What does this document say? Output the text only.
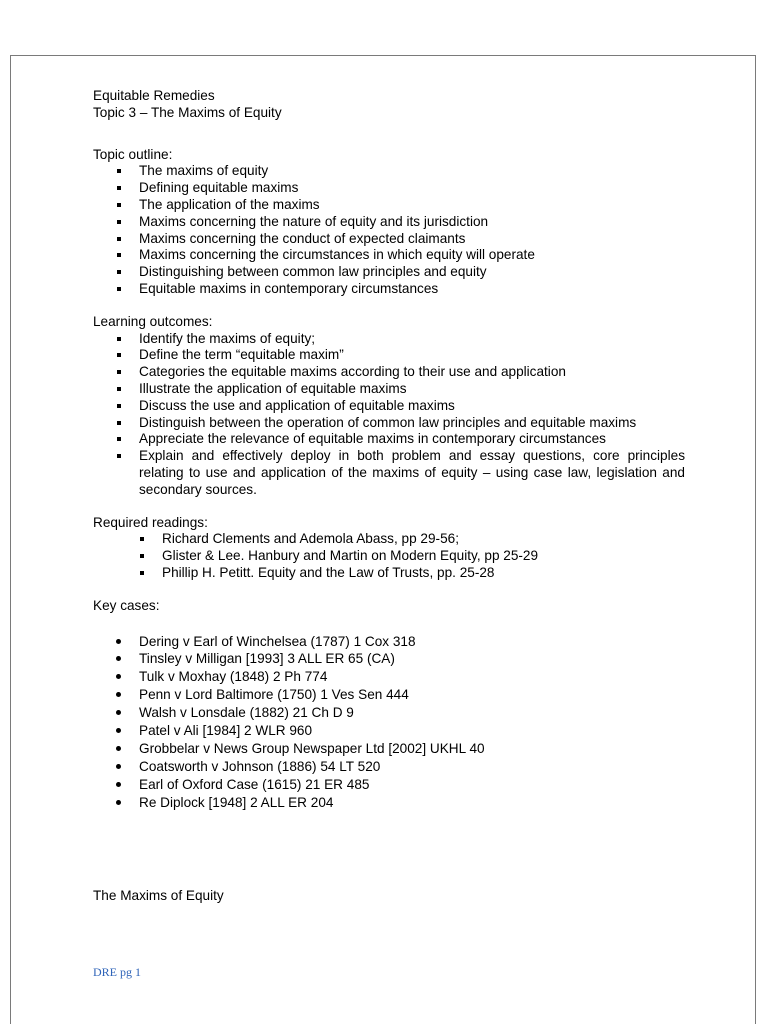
Equitable Remedies

Topic 3 – The Maxims of Equity

Topic outline:

The maxims of equity
Defining equitable maxims
The application of the maxims
Maxims concerning the nature of equity and its jurisdiction
Maxims concerning the conduct of expected claimants
Maxims concerning the circumstances in which equity will operate
Distinguishing between common law principles and equity
Equitable maxims in contemporary circumstances

Learning outcomes:

Identify the maxims of equity;
Define the term “equitable maxim”
Categories the equitable maxims according to their use and application
Illustrate the application of equitable maxims
Discuss the use and application of equitable maxims
Distinguish between the operation of common law principles and equitable maxims
Appreciate the relevance of equitable maxims in contemporary circumstances
Explain and effectively deploy in both problem and essay questions, core principles relating to use and application of the maxims of equity – using case law, legislation and secondary sources.

Required readings:

Richard Clements and Ademola Abass, pp 29-56;
Glister & Lee. Hanbury and Martin on Modern Equity, pp 25-29
Phillip H. Petitt. Equity and the Law of Trusts, pp. 25-28

Key cases:

Dering v Earl of Winchelsea (1787) 1 Cox 318
Tinsley v Milligan [1993] 3 ALL ER 65 (CA)
Tulk v Moxhay (1848) 2 Ph 774
Penn v Lord Baltimore (1750) 1 Ves Sen 444
Walsh v Lonsdale (1882) 21 Ch D 9
Patel v Ali [1984] 2 WLR 960
Grobbelar v News Group Newspaper Ltd [2002] UKHL 40
Coatsworth v Johnson (1886) 54 LT 520
Earl of Oxford Case (1615) 21 ER 485
Re Diplock [1948] 2 ALL ER 204

The Maxims of Equity

DRE pg 1
